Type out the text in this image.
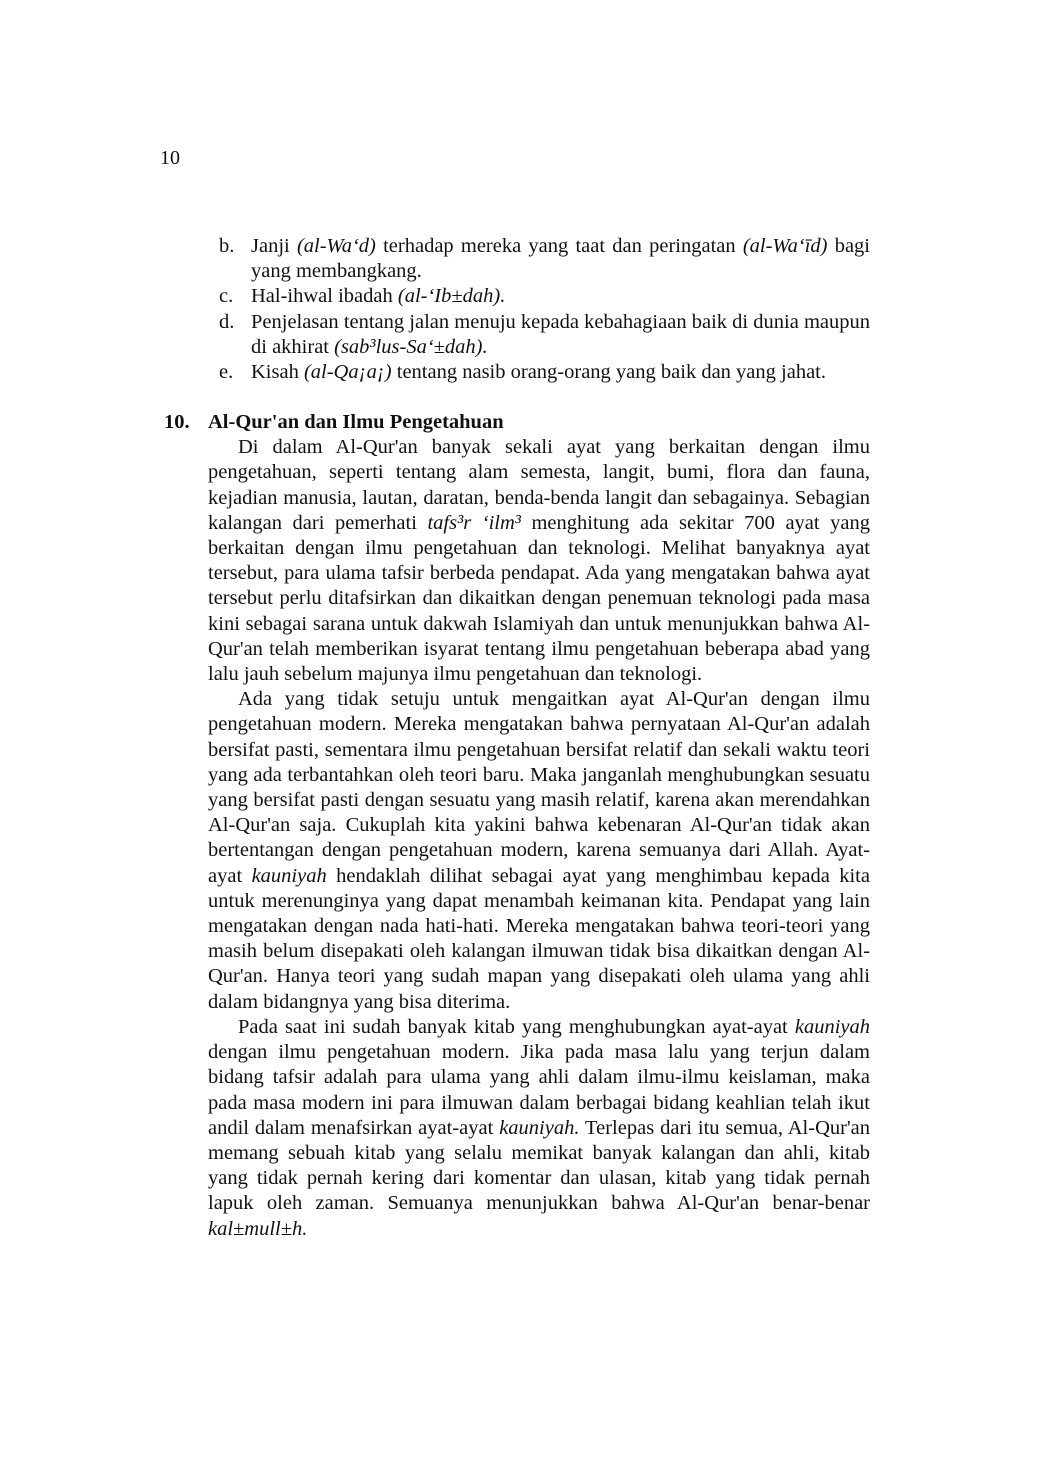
10
b. Janji (al-Wa‘d) terhadap mereka yang taat dan peringatan (al-Wa‘īd) bagi yang membangkang.
c. Hal-ihwal ibadah (al-‘Ib±dah).
d. Penjelasan tentang jalan menuju kepada kebahagiaan baik di dunia maupun di akhirat (sab³lus-Sa‘±dah).
e. Kisah (al-Qa¡a¡) tentang nasib orang-orang yang baik dan yang jahat.
10. Al-Qur'an dan Ilmu Pengetahuan

Di dalam Al-Qur'an banyak sekali ayat yang berkaitan dengan ilmu pengetahuan, seperti tentang alam semesta, langit, bumi, flora dan fauna, kejadian manusia, lautan, daratan, benda-benda langit dan sebagainya. Sebagian kalangan dari pemerhati tafs³r ‘ilm³ menghitung ada sekitar 700 ayat yang berkaitan dengan ilmu pengetahuan dan teknologi. Melihat banyaknya ayat tersebut, para ulama tafsir berbeda pendapat. Ada yang mengatakan bahwa ayat tersebut perlu ditafsirkan dan dikaitkan dengan penemuan teknologi pada masa kini sebagai sarana untuk dakwah Islamiyah dan untuk menunjukkan bahwa Al-Qur'an telah memberikan isyarat tentang ilmu pengetahuan beberapa abad yang lalu jauh sebelum majunya ilmu pengetahuan dan teknologi.

Ada yang tidak setuju untuk mengaitkan ayat Al-Qur'an dengan ilmu pengetahuan modern. Mereka mengatakan bahwa pernyataan Al-Qur'an adalah bersifat pasti, sementara ilmu pengetahuan bersifat relatif dan sekali waktu teori yang ada terbantahkan oleh teori baru. Maka janganlah menghubungkan sesuatu yang bersifat pasti dengan sesuatu yang masih relatif, karena akan merendahkan Al-Qur'an saja. Cukuplah kita yakini bahwa kebenaran Al-Qur'an tidak akan bertentangan dengan pengetahuan modern, karena semuanya dari Allah. Ayat-ayat kauniyah hendaklah dilihat sebagai ayat yang menghimbau kepada kita untuk merenunginya yang dapat menambah keimanan kita. Pendapat yang lain mengatakan dengan nada hati-hati. Mereka mengatakan bahwa teori-teori yang masih belum disepakati oleh kalangan ilmuwan tidak bisa dikaitkan dengan Al-Qur'an. Hanya teori yang sudah mapan yang disepakati oleh ulama yang ahli dalam bidangnya yang bisa diterima.

Pada saat ini sudah banyak kitab yang menghubungkan ayat-ayat kauniyah dengan ilmu pengetahuan modern. Jika pada masa lalu yang terjun dalam bidang tafsir adalah para ulama yang ahli dalam ilmu-ilmu keislaman, maka pada masa modern ini para ilmuwan dalam berbagai bidang keahlian telah ikut andil dalam menafsirkan ayat-ayat kauniyah. Terlepas dari itu semua, Al-Qur'an memang sebuah kitab yang selalu memikat banyak kalangan dan ahli, kitab yang tidak pernah kering dari komentar dan ulasan, kitab yang tidak pernah lapuk oleh zaman. Semuanya menunjukkan bahwa Al-Qur'an benar-benar kal±mull±h.
